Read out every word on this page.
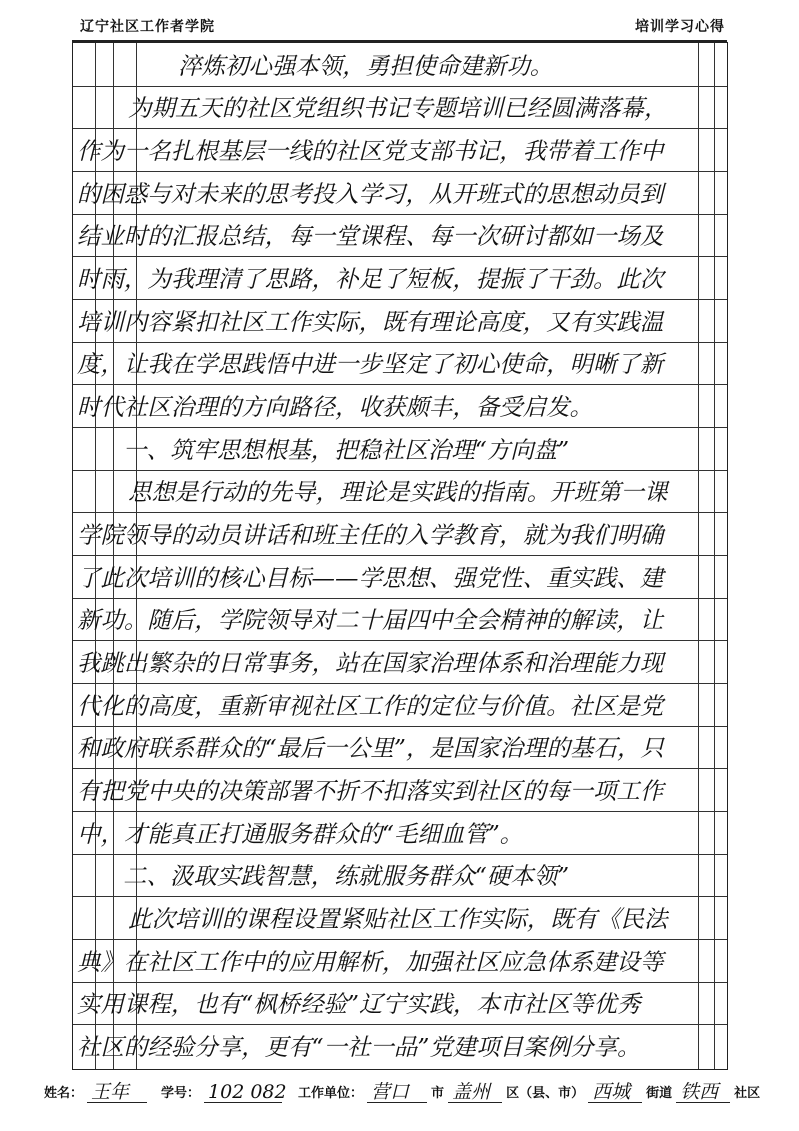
辽宁社区工作者学院	培训学习心得
淬炼初心强本领，勇担使命建新功。
为期五天的社区党组织书记专题培训已经圆满落幕，
作为一名扎根基层一线的社区党支部书记，我带着工作中
的困惑与对未来的思考投入学习，从开班式的思想动员到
结业时的汇报总结，每一堂课程、每一次研讨都如一场及
时雨，为我理清了思路，补足了短板，提振了干劲。此次
培训内容紧扣社区工作实际，既有理论高度，又有实践温
度，让我在学思践悟中进一步坚定了初心使命，明晰了新
时代社区治理的方向路径，收获颇丰，备受启发。
一、筑牢思想根基，把稳社区治理“方向盘”
思想是行动的先导，理论是实践的指南。开班第一课
学院领导的动员讲话和班主任的入学教育，就为我们明确
了此次培训的核心目标——学思想、强党性、重实践、建
新功。随后，学院领导对二十届四中全会精神的解读，让
我跳出繁杂的日常事务，站在国家治理体系和治理能力现
代化的高度，重新审视社区工作的定位与价值。社区是党
和政府联系群众的“最后一公里”，是国家治理的基石，只
有把党中央的决策部署不折不扣落实到社区的每一项工作
中，才能真正打通服务群众的“毛细血管”。
二、汲取实践智慧，练就服务群众“硬本领”
此次培训的课程设置紧贴社区工作实际，既有《民法
典》在社区工作中的应用解析，加强社区应急体系建设等
实用课程，也有“枫桥经验”辽宁实践，本市社区等优秀
社区的经验分享，更有“一社一品”党建项目案例分享。
姓名： 王年	学号： 102 082 工作单位： 营口	市 盖州	区（县、市） 西城	街道 铁西	社区
